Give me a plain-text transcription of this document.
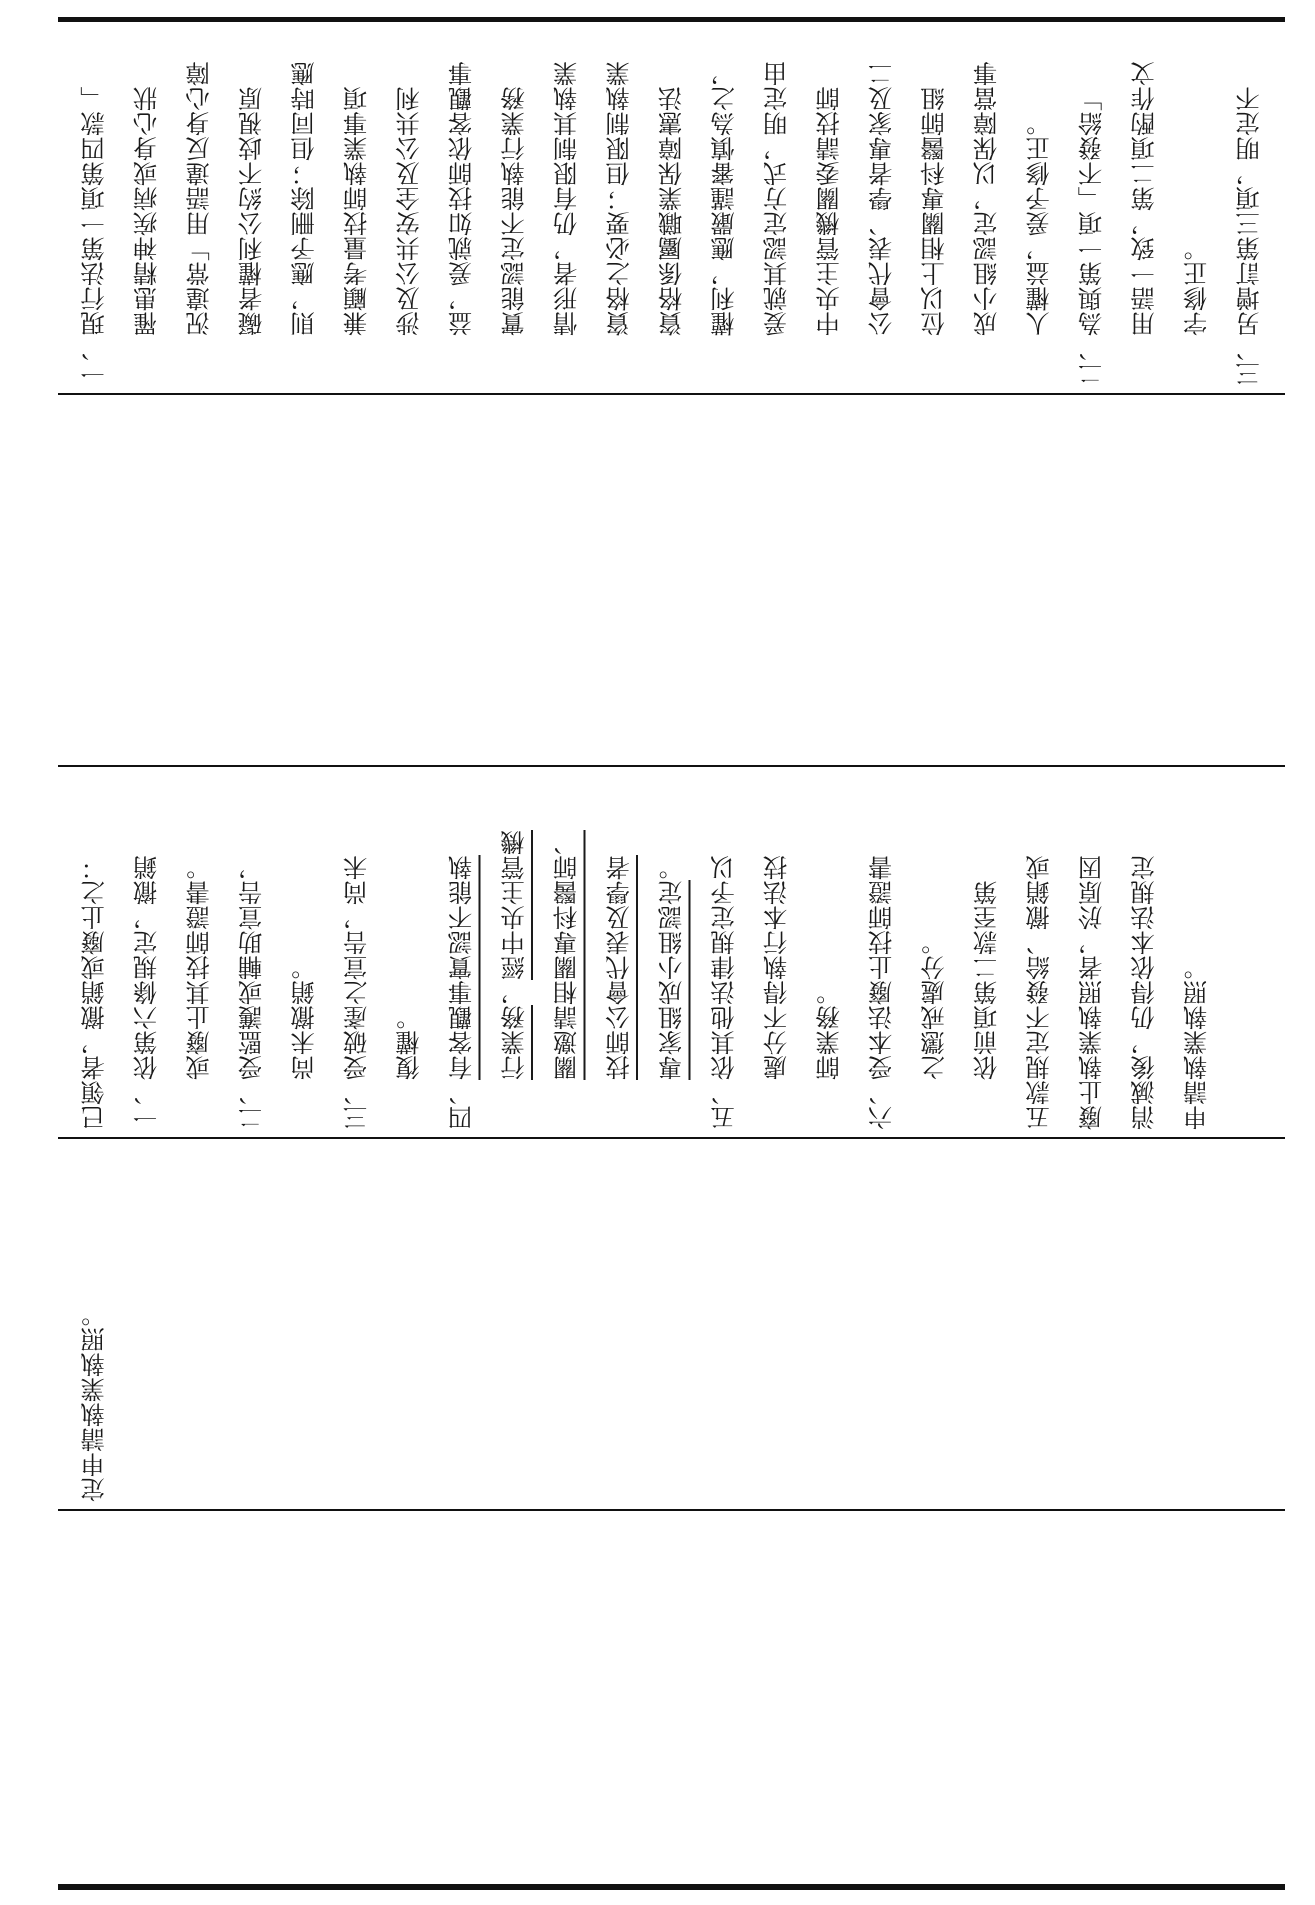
一、現行法第一項第四款「 　　罹患精神疾病或身心狀 　　況違常」用語違反身心障 　　礙者權利公約不歧視原 　　則，應予刪除；但同時應 　　兼顧考量技師執業事項 　　涉及公共安全及公共利 　　益，爰就如技師依客觀事 　　實能認定不能執行業務 　　情形者，仍有限制其執業 　　資格之必要；但限制執業 　　資格係屬職業保障憲法 　　權利，應嚴謹審慎為之， 　　爰就其認定方式，明定由 　　中央主管機關委請技師 　　公會代表、學者專家及二 　　位以上相關專科醫師組 　　成小組認定，以保障當事 　　人權益，爰予修正。 二、為與第一項「不發給」 　　用語一致，第二項酌作文 　　字修正。 三、另增訂第三項，明定不
已領者，撤銷或廢止之： 一、依第六條規定，撤銷 　　或廢止其技師證書。 二、受監護或輔助宣告， 　　尚未撤銷。 三、受破產之宣告，尚未 　　復權。 四、有客觀事實認不能執
　　 行業務，經中央主管機
　　 關邀請相關專科醫師、
　　 技師公會代表及學者
　　 專家組成小組認定。 五、依其他法律規定予以 　　處分不得執行本法技 　　師業務。 六、受本法廢止技師證書 　　之懲戒處分。 　　依前項第二款至第 五款規定不發給、撤銷或 廢止執業執照者，於原因 消滅後，仍得依本法規定 申請執業執照。
定申請執業執照。
